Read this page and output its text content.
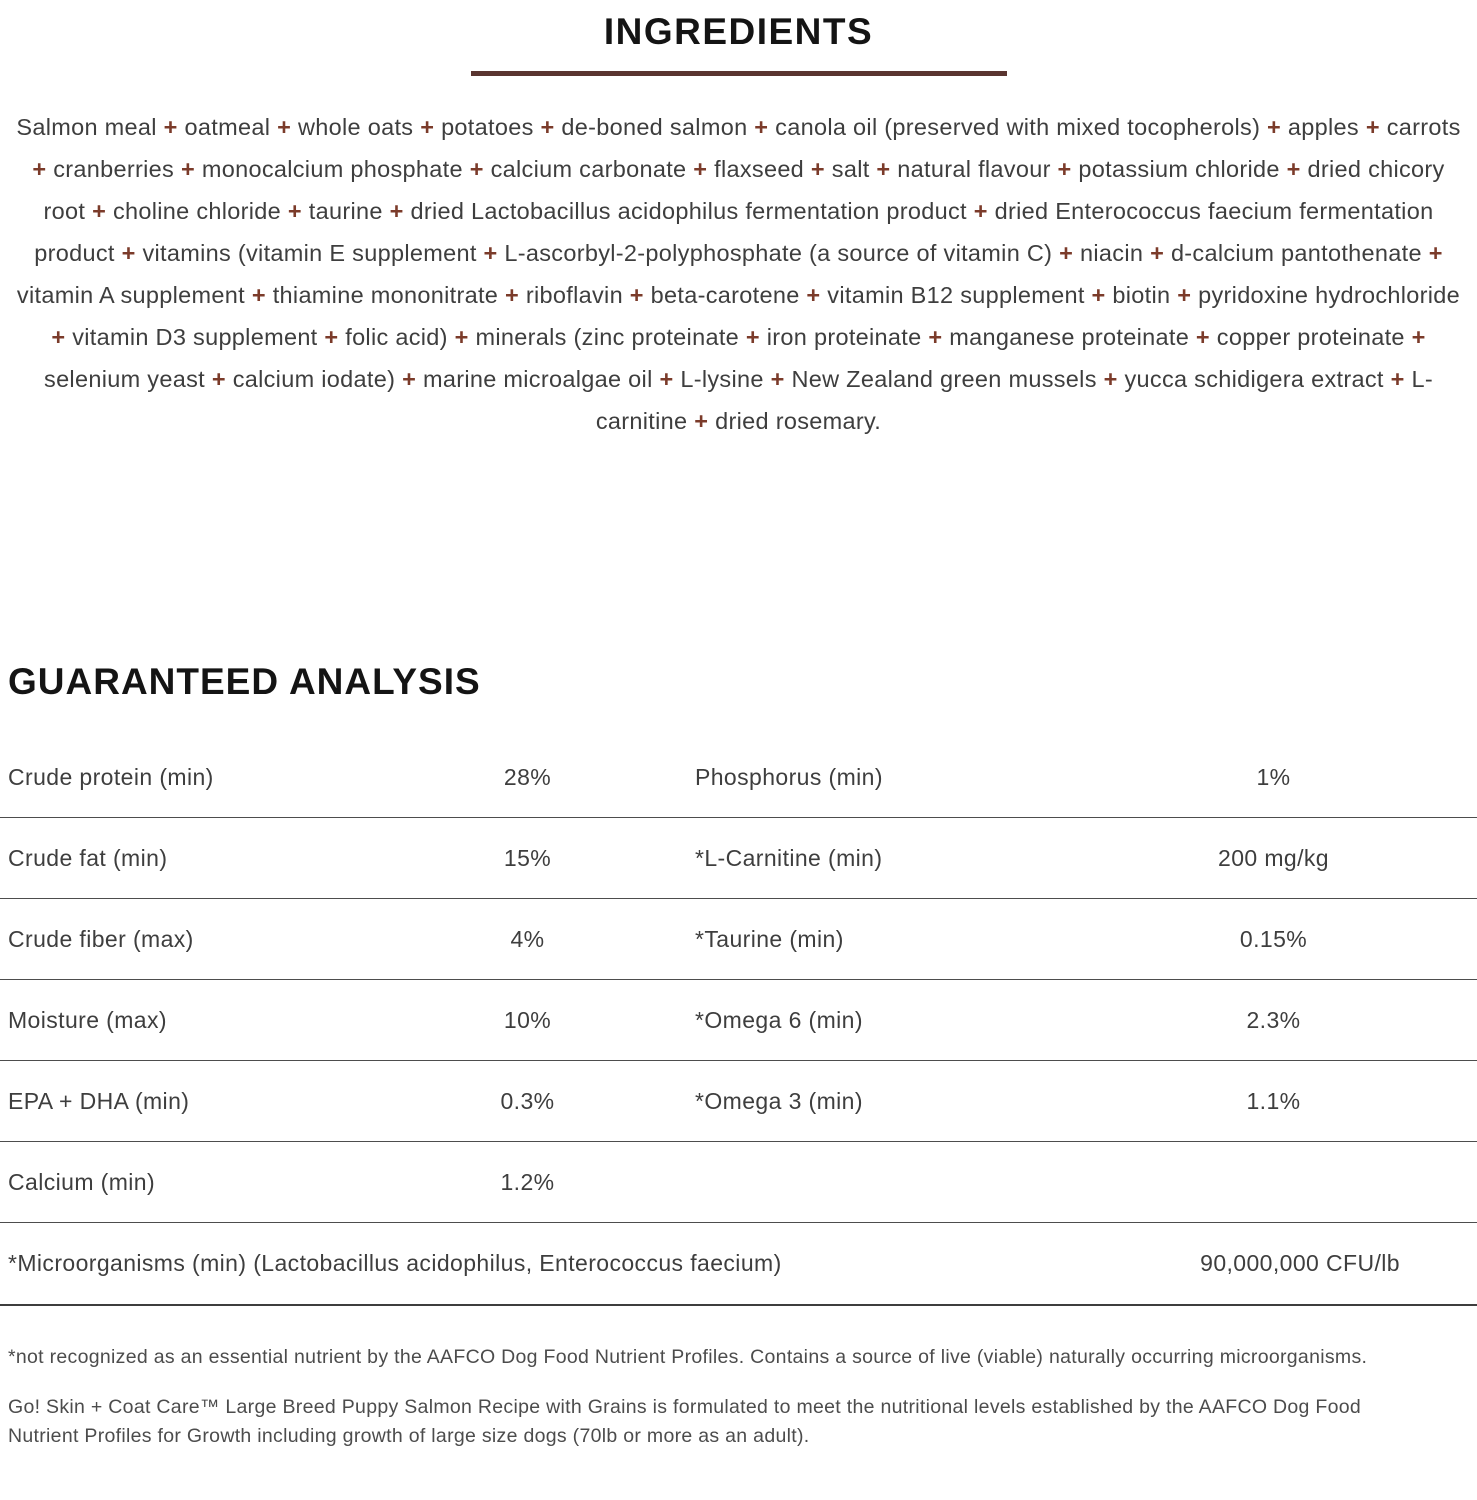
INGREDIENTS
Salmon meal + oatmeal + whole oats + potatoes + de-boned salmon + canola oil (preserved with mixed tocopherols) + apples + carrots + cranberries + monocalcium phosphate + calcium carbonate + flaxseed + salt + natural flavour + potassium chloride + dried chicory root + choline chloride + taurine + dried Lactobacillus acidophilus fermentation product + dried Enterococcus faecium fermentation product + vitamins (vitamin E supplement + L-ascorbyl-2-polyphosphate (a source of vitamin C) + niacin + d-calcium pantothenate + vitamin A supplement + thiamine mononitrate + riboflavin + beta-carotene + vitamin B12 supplement + biotin + pyridoxine hydrochloride + vitamin D3 supplement + folic acid) + minerals (zinc proteinate + iron proteinate + manganese proteinate + copper proteinate + selenium yeast + calcium iodate) + marine microalgae oil + L-lysine + New Zealand green mussels + yucca schidigera extract + L-carnitine + dried rosemary.
GUARANTEED ANALYSIS
Crude protein (min)	28%	Phosphorus (min)	1%
Crude fat (min)	15%	*L-Carnitine (min)	200 mg/kg
Crude fiber (max)	4%	*Taurine (min)	0.15%
Moisture (max)	10%	*Omega 6 (min)	2.3%
EPA + DHA (min)	0.3%	*Omega 3 (min)	1.1%
Calcium (min)	1.2%
*Microorganisms (min) (Lactobacillus acidophilus, Enterococcus faecium)	90,000,000 CFU/lb
*not recognized as an essential nutrient by the AAFCO Dog Food Nutrient Profiles. Contains a source of live (viable) naturally occurring microorganisms.
Go! Skin + Coat Care™ Large Breed Puppy Salmon Recipe with Grains is formulated to meet the nutritional levels established by the AAFCO Dog Food Nutrient Profiles for Growth including growth of large size dogs (70lb or more as an adult).
